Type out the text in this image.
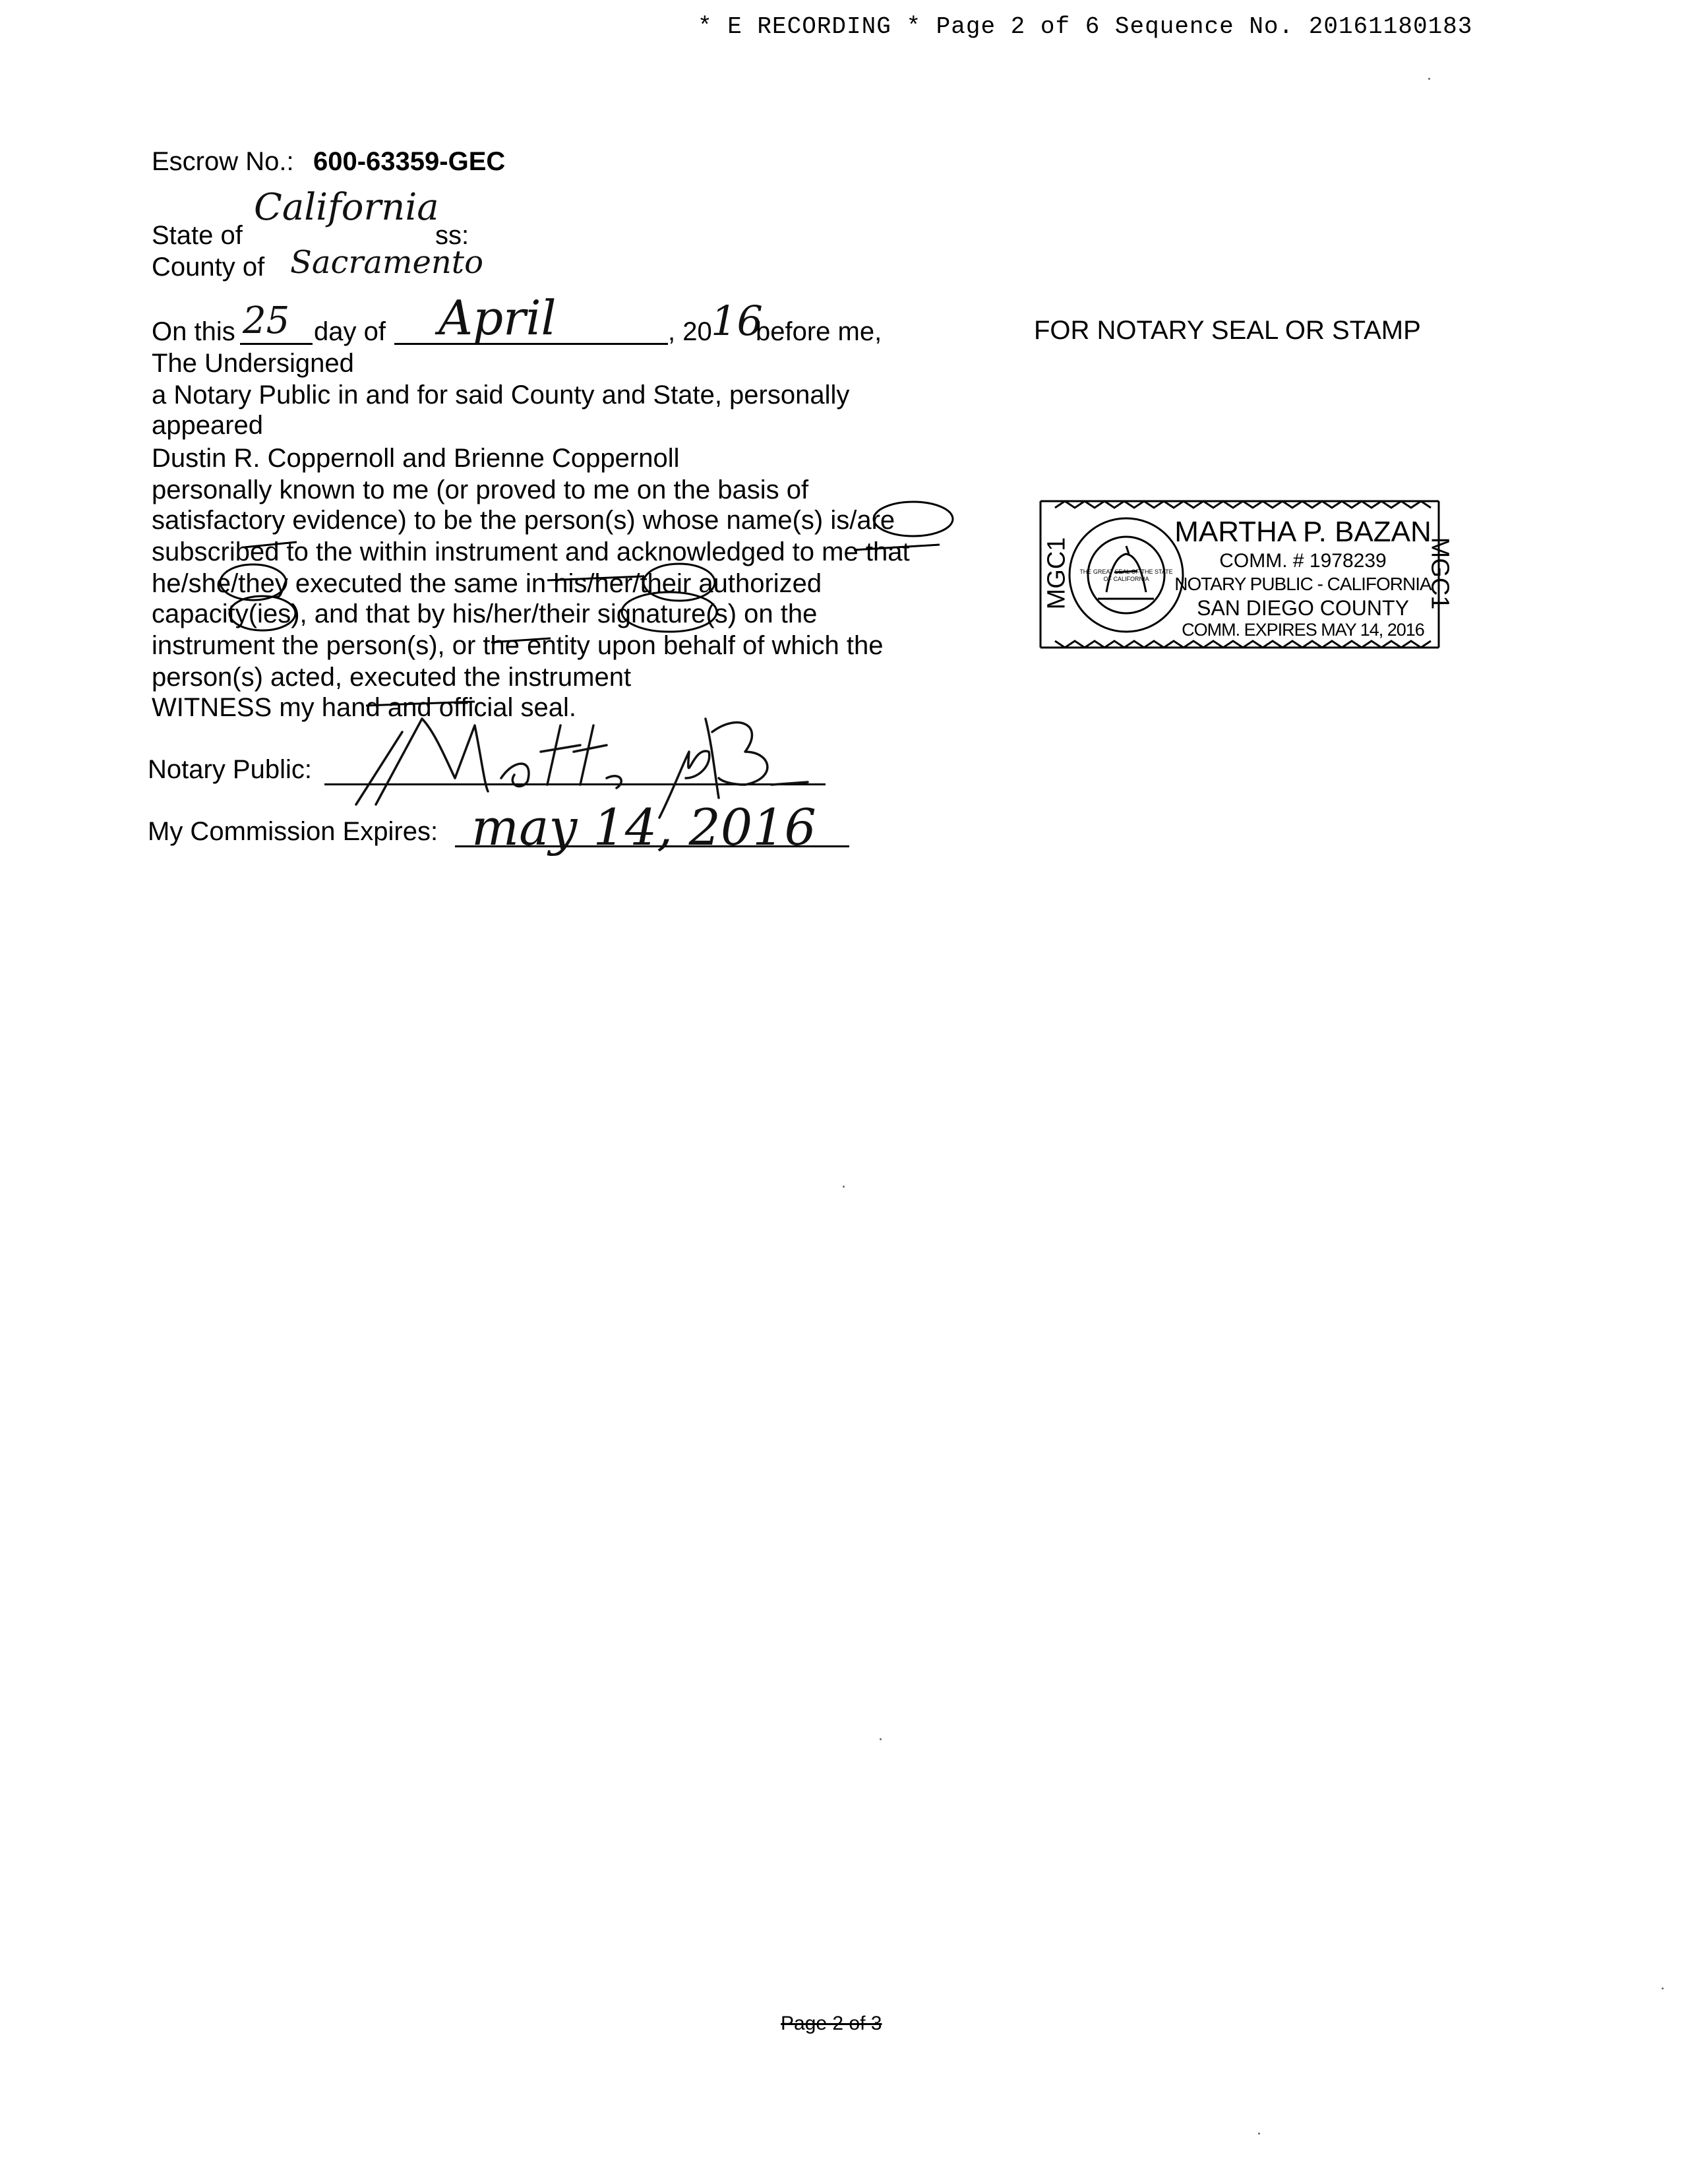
* E RECORDING * Page 2 of 6 Sequence No. 20161180183
Escrow No.: 600-63359-GEC
State of
California
ss:
County of Sacramento
On this 25 day of April	, 20
16
before me,
The Undersigned
a Notary Public in and for said County and State, personally
appeared
Dustin R. Coppernoll and Brienne Coppernoll
personally known to me (or proved to me on the basis of
satisfactory evidence) to be the person(s) whose name(s) is/are
subscribed to the within instrument and acknowledged to me that
he/she/they executed the same in his/her/their authorized
capacity(ies), and that by his/her/their signature(s) on the
instrument the person(s), or the entity upon behalf of which the
person(s) acted, executed the instrument
WITNESS my hand and official seal.
Notary Public:
My Commission Expires: may 14, 2016
FOR NOTARY SEAL OR STAMP
MGC1	MGC1
THE GREAT SEAL OF THE STATE OF CALIFORNIA
MARTHA P. BAZAN
COMM. # 1978239
NOTARY PUBLIC - CALIFORNIA
SAN DIEGO COUNTY
COMM. EXPIRES MAY 14, 2016
Page 2 of 3
